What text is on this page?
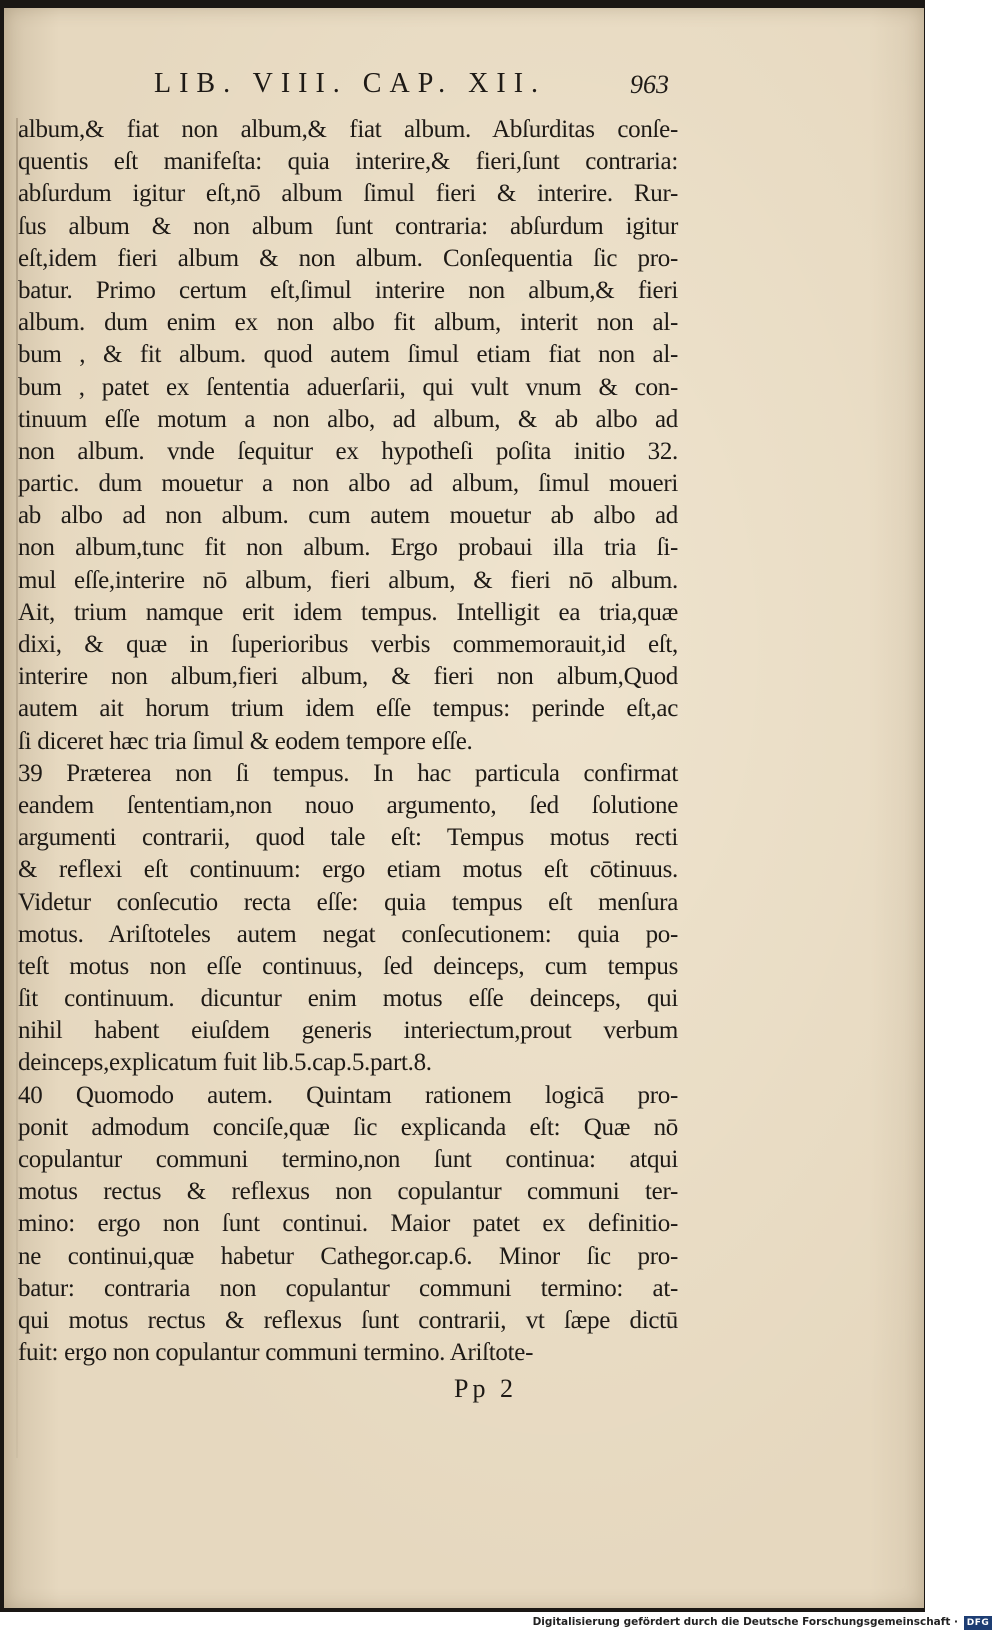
LIB. VIII. CAP. XII.	963
album,& fiat non album,& fiat album. Abſurditas conſe-
quentis eſt manifeſta: quia interire,& fieri,ſunt contraria:
abſurdum igitur eſt,nō album ſimul fieri & interire. Rur-
ſus album & non album ſunt contraria: abſurdum igitur
eſt,idem fieri album & non album. Conſequentia ſic pro-
batur. Primo certum eſt,ſimul interire non album,& fieri
album. dum enim ex non albo fit album, interit non al-
bum , & fit album. quod autem ſimul etiam fiat non al-
bum , patet ex ſententia aduerſarii, qui vult vnum & con-
tinuum eſſe motum a non albo, ad album, & ab albo ad
non album. vnde ſequitur ex hypotheſi poſita initio 32.
partic. dum mouetur a non albo ad album, ſimul moueri
ab albo ad non album. cum autem mouetur ab albo ad
non album,tunc fit non album. Ergo probaui illa tria ſi-
mul eſſe,interire nō album, fieri album, & fieri nō album.
Ait, trium namque erit idem tempus. Intelligit ea tria,quæ
dixi, & quæ in ſuperioribus verbis commemorauit,id eſt,
interire non album,fieri album, & fieri non album,Quod
autem ait horum trium idem eſſe tempus: perinde eſt,ac
ſi diceret hæc tria ſimul & eodem tempore eſſe.
39 Præterea non ſi tempus. In hac particula confirmat
eandem ſententiam,non nouo argumento, ſed ſolutione
argumenti contrarii, quod tale eſt: Tempus motus recti
& reflexi eſt continuum: ergo etiam motus eſt cōtinuus.
Videtur conſecutio recta eſſe: quia tempus eſt menſura
motus. Ariſtoteles autem negat conſecutionem: quia po-
teſt motus non eſſe continuus, ſed deinceps, cum tempus
ſit continuum. dicuntur enim motus eſſe deinceps, qui
nihil habent eiuſdem generis interiectum,prout verbum
deinceps,explicatum fuit lib.5.cap.5.part.8.
40 Quomodo autem. Quintam rationem logicā pro-
ponit admodum conciſe,quæ ſic explicanda eſt: Quæ nō
copulantur communi termino,non ſunt continua: atqui
motus rectus & reflexus non copulantur communi ter-
mino: ergo non ſunt continui. Maior patet ex definitio-
ne continui,quæ habetur Cathegor.cap.6. Minor ſic pro-
batur: contraria non copulantur communi termino: at-
qui motus rectus & reflexus ſunt contrarii, vt ſæpe dictū
fuit: ergo non copulantur communi termino. Ariſtote-
Pp 2
Digitalisierung gefördert durch die Deutsche Forschungsgemeinschaft · DFG
